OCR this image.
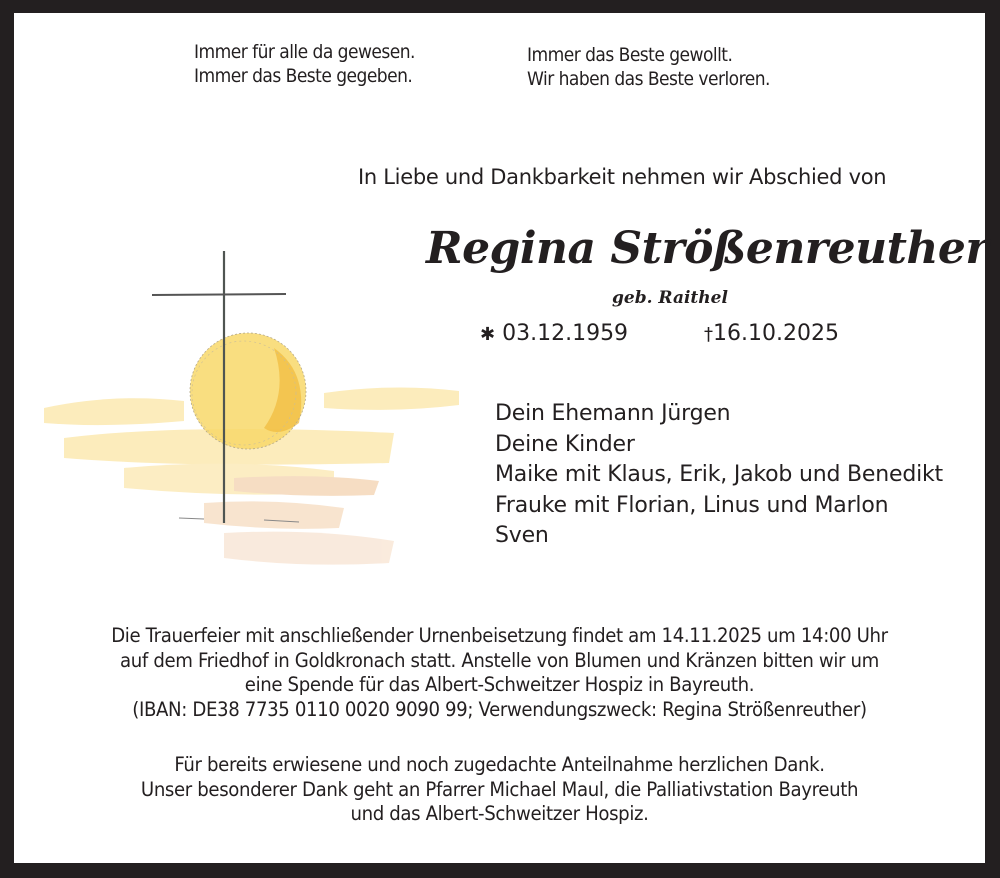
Immer für alle da gewesen.
Immer das Beste gegeben.
Immer das Beste gewollt.
Wir haben das Beste verloren.
In Liebe und Dankbarkeit nehmen wir Abschied von
Regina Strößenreuther
geb. Raithel
✱ 03.12.1959	†16.10.2025
Dein Ehemann Jürgen
Deine Kinder
Maike mit Klaus, Erik, Jakob und Benedikt
Frauke mit Florian, Linus und Marlon
Sven
Die Trauerfeier mit anschließender Urnenbeisetzung findet am 14.11.2025 um 14:00 Uhr
auf dem Friedhof in Goldkronach statt. Anstelle von Blumen und Kränzen bitten wir um
eine Spende für das Albert-Schweitzer Hospiz in Bayreuth.
(IBAN: DE38 7735 0110 0020 9090 99; Verwendungszweck: Regina Strößenreuther)
Für bereits erwiesene und noch zugedachte Anteilnahme herzlichen Dank.
Unser besonderer Dank geht an Pfarrer Michael Maul, die Palliativstation Bayreuth
und das Albert-Schweitzer Hospiz.
